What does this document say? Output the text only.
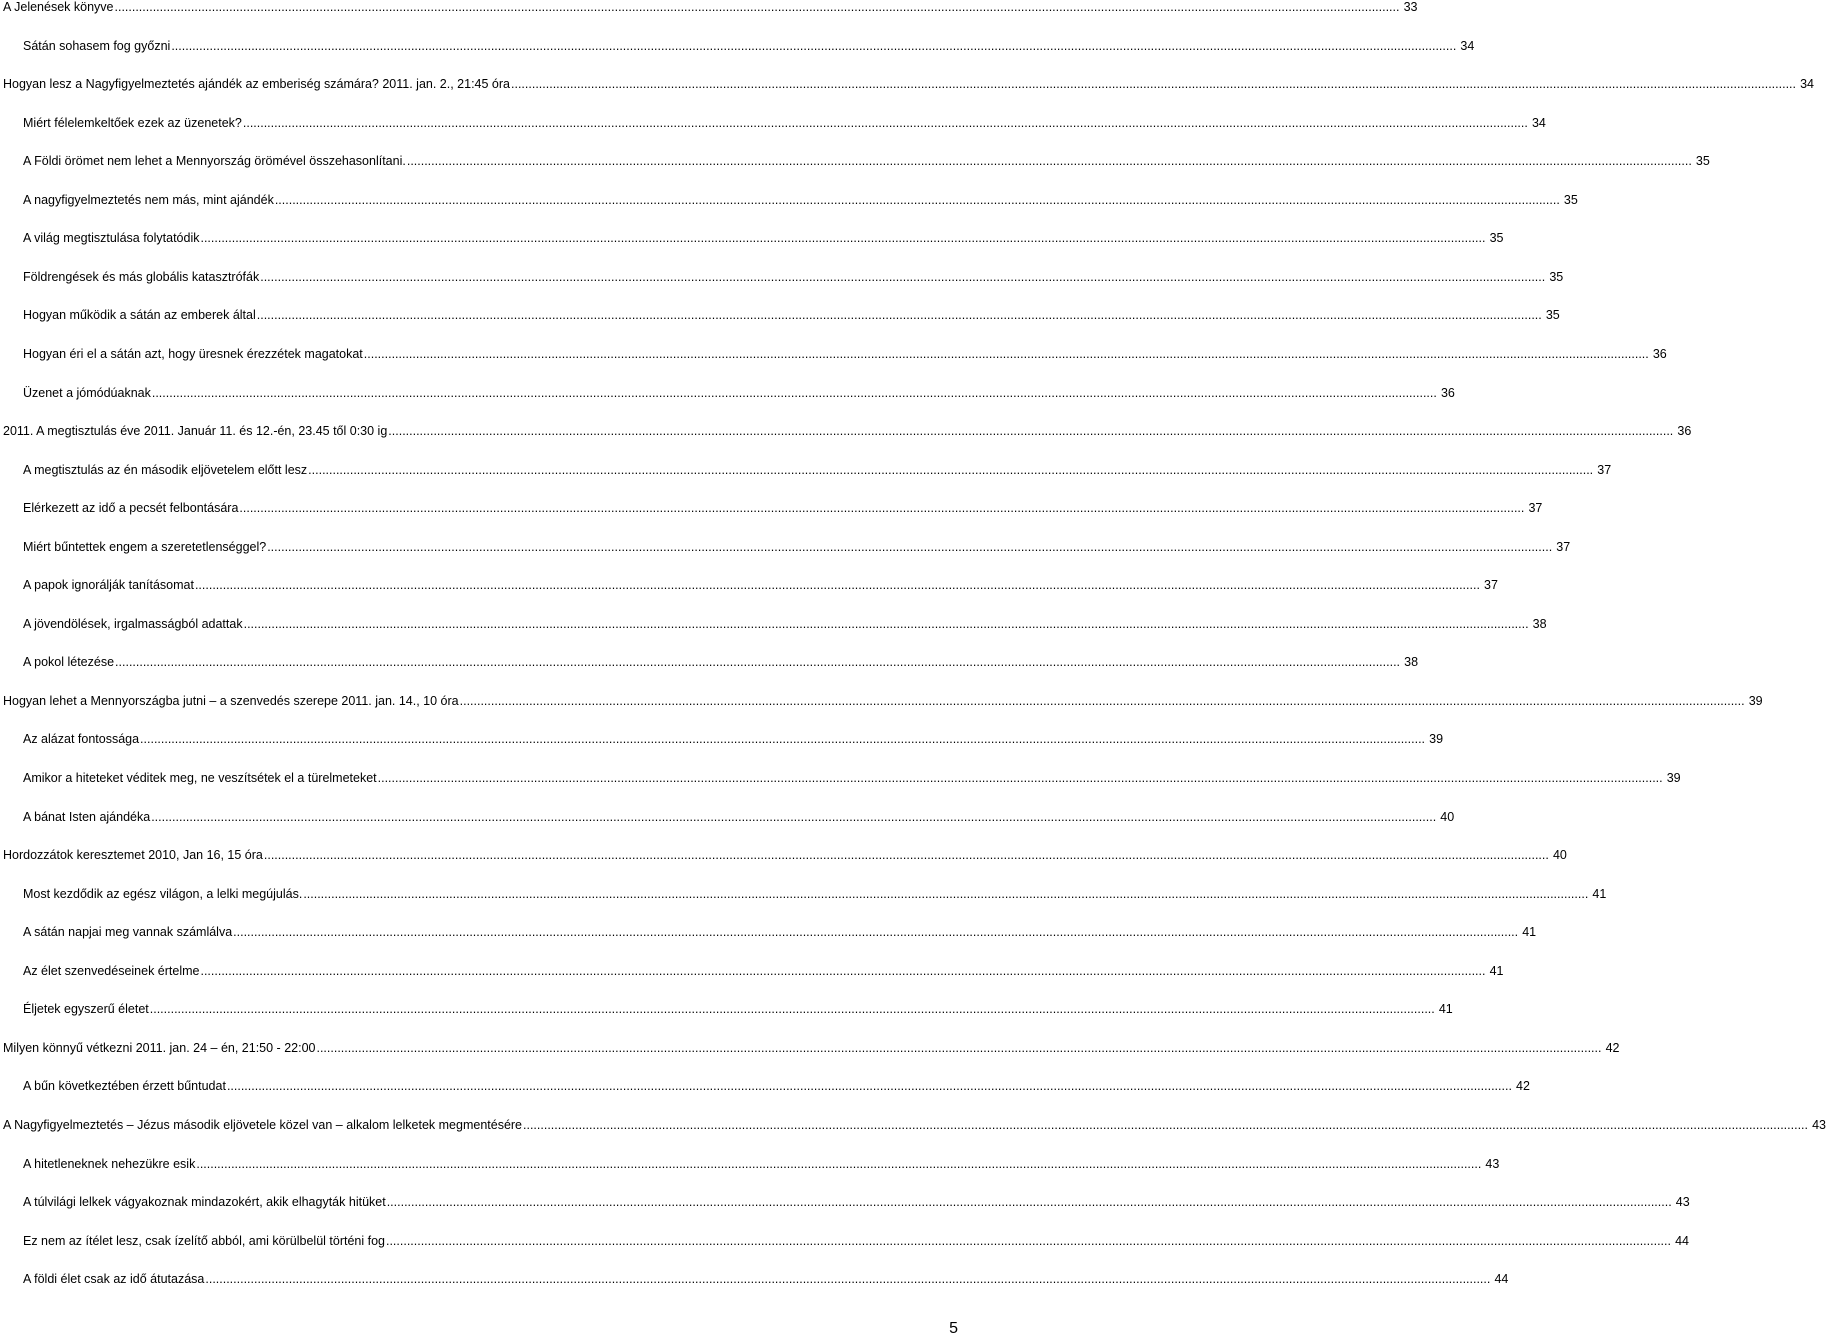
A Jelenések könyve .....	33
Sátán sohasem fog győzni .....	34
Hogyan lesz a Nagyfigyelmeztetés ajándék az emberiség számára? 2011. jan. 2., 21:45 óra .....	34
Miért félelemkeltőek ezek az üzenetek? .....	34
A Földi örömet nem lehet a Mennyország örömével összehasonlítani. .....	35
A nagyfigyelmeztetés nem más, mint ajándék .....	35
A világ megtisztulása folytatódik .....	35
Földrengések és más globális katasztrófák .....	35
Hogyan működik a sátán az emberek által .....	35
Hogyan éri el a sátán azt, hogy üresnek érezzétek magatokat .....	36
Üzenet a jómódúaknak .....	36
2011. A megtisztulás éve 2011. Január 11. és 12.-én, 23.45 től 0:30 ig .....	36
A megtisztulás az én második eljövetelem előtt lesz .....	37
Elérkezett az idő a pecsét felbontására .....	37
Miért bűntettek engem a szeretetlenséggel? .....	37
A papok ignorálják tanításomat .....	37
A jövendölések, irgalmasságból adattak .....	38
A pokol létezése .....	38
Hogyan lehet a Mennyországba jutni – a szenvedés szerepe 2011. jan. 14., 10 óra .....	39
Az alázat fontossága .....	39
Amikor a hiteteket véditek meg, ne veszítsétek el a türelmeteket .....	39
A bánat Isten ajándéka .....	40
Hordozzátok keresztemet 2010, Jan 16, 15 óra .....	40
Most kezdődik az egész világon, a lelki megújulás. .....	41
A sátán napjai meg vannak számlálva .....	41
Az élet szenvedéseinek értelme .....	41
Éljetek egyszerű életet .....	41
Milyen könnyű vétkezni 2011. jan. 24 – én, 21:50 - 22:00 .....	42
A bűn következtében érzett bűntudat .....	42
A Nagyfigyelmeztetés – Jézus második eljövetele közel van – alkalom lelketek megmentésére .....	43
A hitetleneknek nehezükre esik .....	43
A túlvilági lelkek vágyakoznak mindazokért, akik elhagyták hitüket .....	43
Ez nem az ítélet lesz, csak ízelítő abból, ami körülbelül történi fog .....	44
A földi élet csak az idő átutazása .....	44
5
